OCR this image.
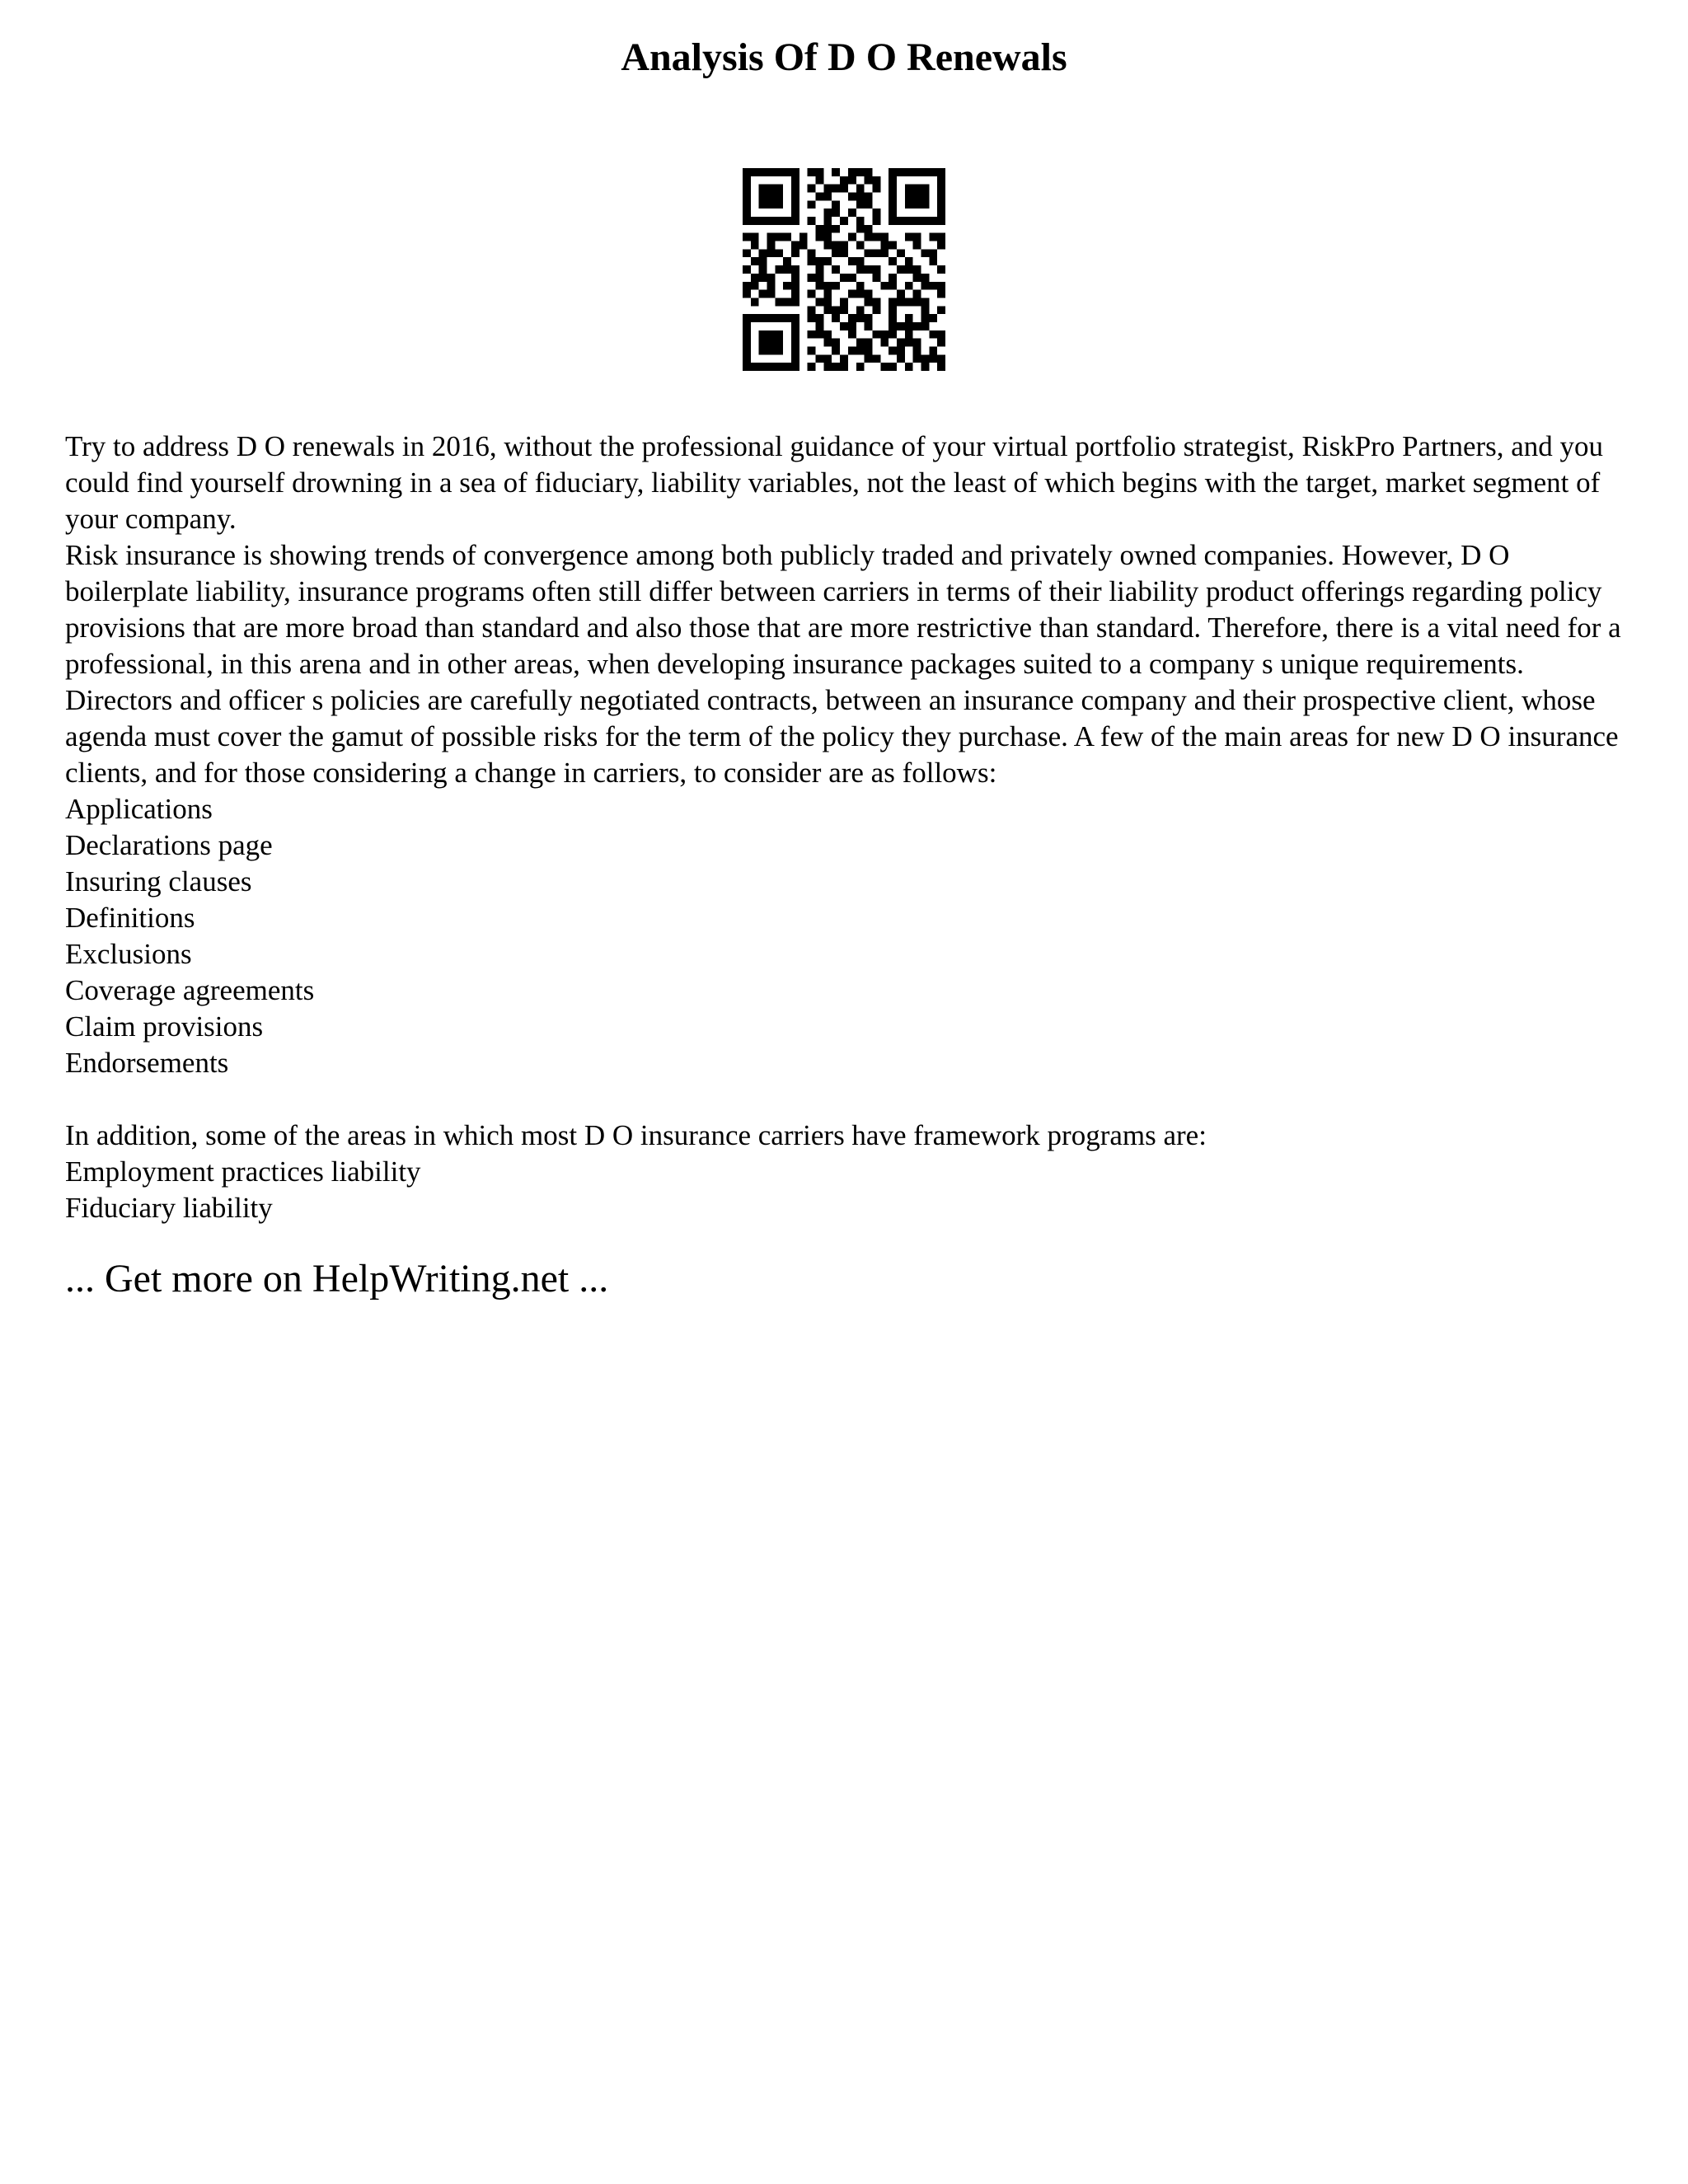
Analysis Of D O Renewals

Try to address D O renewals in 2016, without the professional guidance of your virtual portfolio strategist, RiskPro Partners, and you could find yourself drowning in a sea of fiduciary, liability variables, not the least of which begins with the target, market segment of your company.

Risk insurance is showing trends of convergence among both publicly traded and privately owned companies. However, D O boilerplate liability, insurance programs often still differ between carriers in terms of their liability product offerings regarding policy provisions that are more broad than standard and also those that are more restrictive than standard. Therefore, there is a vital need for a professional, in this arena and in other areas, when developing insurance packages suited to a company s unique requirements.

Directors and officer s policies are carefully negotiated contracts, between an insurance company and their prospective client, whose agenda must cover the gamut of possible risks for the term of the policy they purchase. A few of the main areas for new D O insurance clients, and for those considering a change in carriers, to consider are as follows:

Applications
Declarations page
Insuring clauses
Definitions
Exclusions
Coverage agreements
Claim provisions
Endorsements

In addition, some of the areas in which most D O insurance carriers have framework programs are:

Employment practices liability
Fiduciary liability
... Get more on HelpWriting.net ...
